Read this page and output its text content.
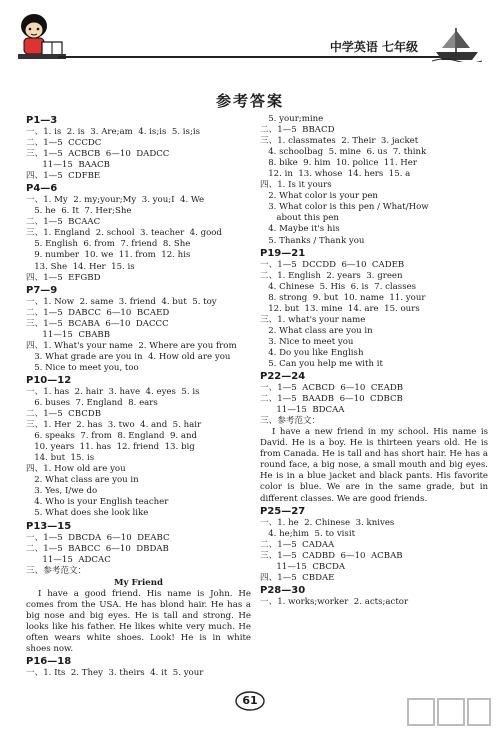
中学英语 七年级
参考答案
P1—3
一、1. is  2. is  3. Are;am  4. is;is  5. is;is
二、1—5  CCCDC
三、1—5  ACBCB  6—10  DADCC
11—15  BAACB
四、1—5  CDFBE
P4—6
一、1. My  2. my;your;My  3. you;I  4. We
5. he  6. It  7. Her;She
二、1—5  BCAAC
三、1. England  2. school  3. teacher  4. good
5. English  6. from  7. friend  8. She
9. number  10. we  11. from  12. his
13. She  14. Her  15. is
四、1—5  EFGBD
P7—9
一、1. Now  2. same  3. friend  4. but  5. toy
二、1—5  DABCC  6—10  BCAED
三、1—5  BCABA  6—10  DACCC
11—15  CBABB
四、1. What's your name  2. Where are you from
3. What grade are you in  4. How old are you
5. Nice to meet you, too
P10—12
一、1. has  2. hair  3. have  4. eyes  5. is
6. buses  7. England  8. ears
二、1—5  CBCDB
三、1. Her  2. has  3. two  4. and  5. hair
6. speaks  7. from  8. England  9. and
10. years  11. has  12. friend  13. big
14. but  15. is
四、1. How old are you
2. What class are you in
3. Yes, I/we do
4. Who is your English teacher
5. What does she look like
P13—15
一、1—5  DBCDA  6—10  DEABC
二、1—5  BABCC  6—10  DBDAB
11—15  ADCAC
三、参考范文：
My Friend
I have a good friend. His name is John. He comes from the USA. He has blond hair. He has a big nose and big eyes. He is tall and strong. He looks like his father. He likes white very much. He often wears white shoes. Look! He is in white shoes now.
P16—18
一、1. Its  2. They  3. theirs  4. it  5. your
5. your;mine
二、1—5  BBACD
三、1. classmates  2. Their  3. jacket
4. schoolbag  5. mine  6. us  7. think
8. bike  9. him  10. police  11. Her
12. in  13. whose  14. hers  15. a
四、1. Is it yours
2. What color is your pen
3. What color is this pen / What/How
about this pen
4. Maybe it's his
5. Thanks / Thank you
P19—21
一、1—5  DCCDD  6—10  CADEB
二、1. English  2. years  3. green
4. Chinese  5. His  6. is  7. classes
8. strong  9. but  10. name  11. your
12. but  13. mine  14. are  15. ours
三、1. what's your name
2. What class are you in
3. Nice to meet you
4. Do you like English
5. Can you help me with it
P22—24
一、1—5  ACBCD  6—10  CEADB
二、1—5  BAADB  6—10  CDBCB
11—15  BDCAA
三、参考范文：
I have a new friend in my school. His name is David. He is a boy. He is thirteen years old. He is from Canada. He is tall and has short hair. He has a round face, a big nose, a small mouth and big eyes. He is in a blue jacket and black pants. His favorite color is blue. We are in the same grade, but in different classes. We are good friends.
P25—27
一、1. he  2. Chinese  3. knives
4. he;him  5. to visit
二、1—5  CADAA
三、1—5  CADBD  6—10  ACBAB
11—15  CBCDA
四、1—5  CBDAE
P28—30
一、1. works;worker  2. acts;actor
61
